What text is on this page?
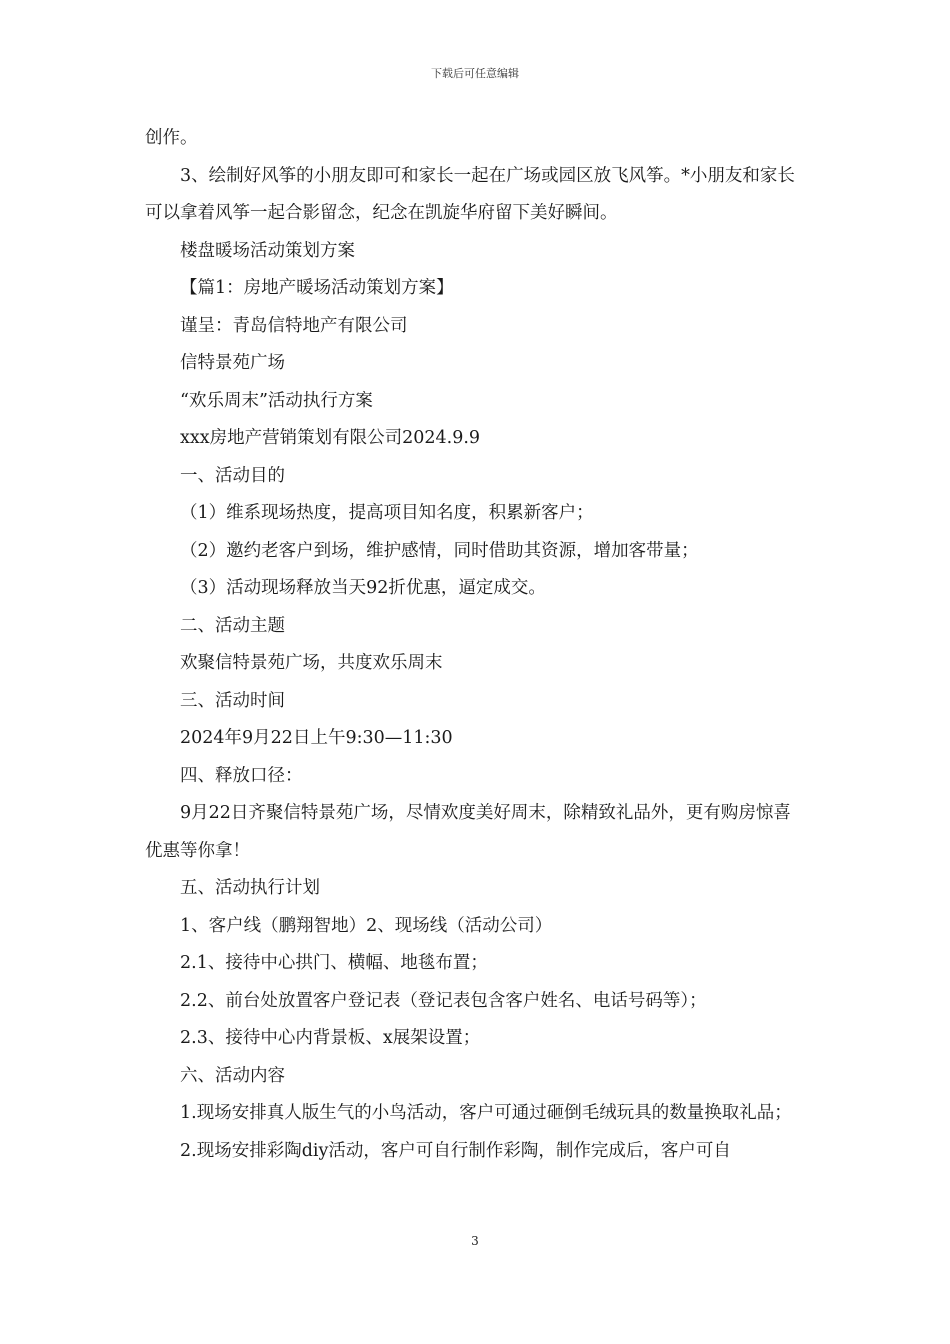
下载后可任意编辑

创作。

3、绘制好风筝的小朋友即可和家长一起在广场或园区放飞风筝。*小朋友和家长可以拿着风筝一起合影留念，纪念在凯旋华府留下美好瞬间。

楼盘暖场活动策划方案

【篇1：房地产暖场活动策划方案】

谨呈：青岛信特地产有限公司

信特景苑广场

“欢乐周末”活动执行方案

xxx房地产营销策划有限公司2024.9.9

一、活动目的

（1）维系现场热度，提高项目知名度，积累新客户；

（2）邀约老客户到场，维护感情，同时借助其资源，增加客带量；

（3）活动现场释放当天92折优惠，逼定成交。

二、活动主题

欢聚信特景苑广场，共度欢乐周末

三、活动时间

2024年9月22日上午9:30—11:30

四、释放口径：

9月22日齐聚信特景苑广场，尽情欢度美好周末，除精致礼品外，更有购房惊喜优惠等你拿！

五、活动执行计划

1、客户线（鹏翔智地）2、现场线（活动公司）

2.1、接待中心拱门、横幅、地毯布置；

2.2、前台处放置客户登记表（登记表包含客户姓名、电话号码等）；

2.3、接待中心内背景板、x展架设置；

六、活动内容

1.现场安排真人版生气的小鸟活动，客户可通过砸倒毛绒玩具的数量换取礼品；

2.现场安排彩陶diy活动，客户可自行制作彩陶，制作完成后，客户可自

3
